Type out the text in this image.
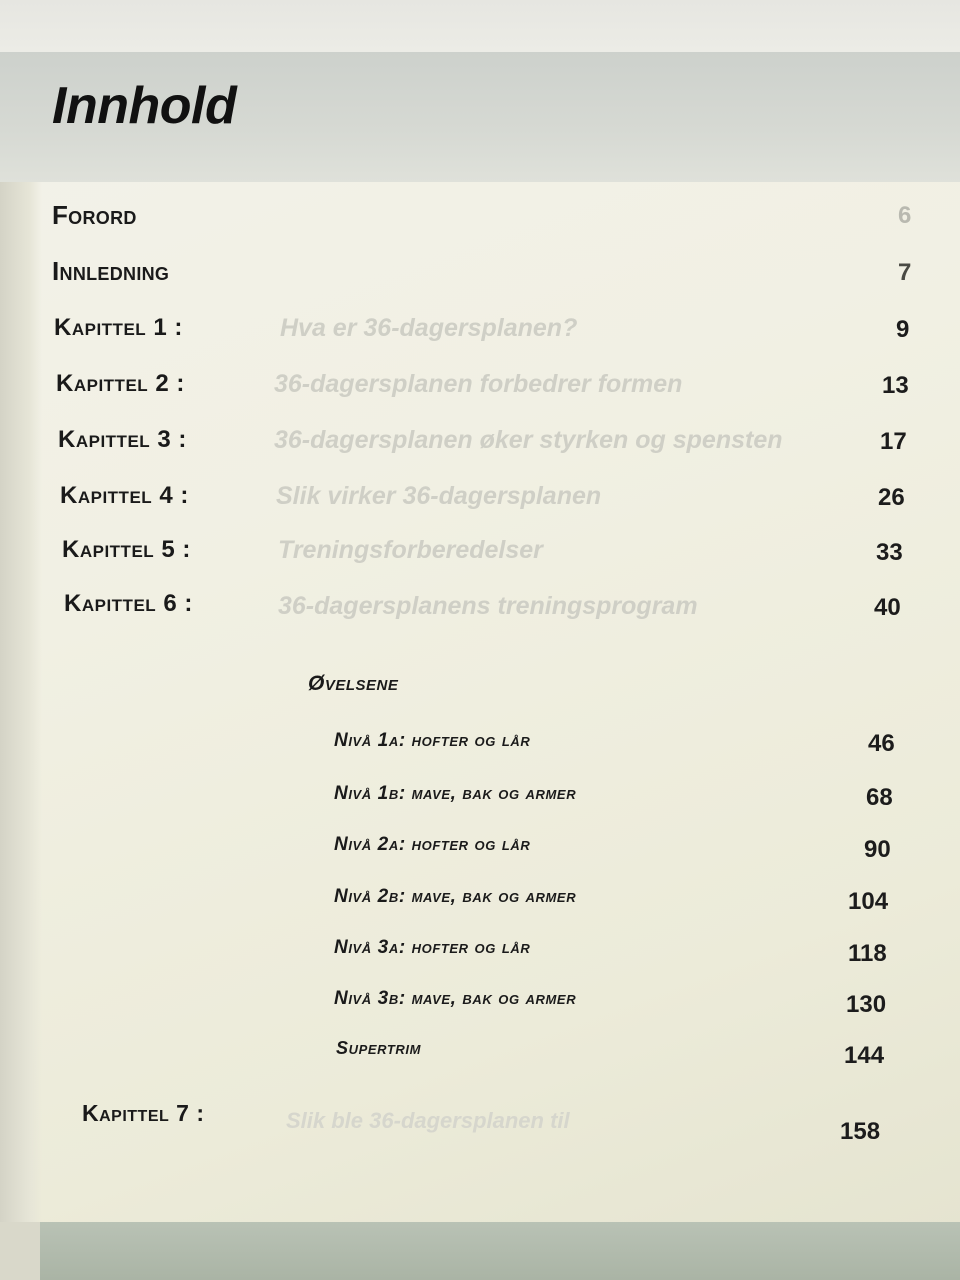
Innhold
Forord	6
Innledning	7
Kapittel 1 :	Hva er 36-dagersplanen?	9
Kapittel 2 :	36-dagersplanen forbedrer formen	13
Kapittel 3 :	36-dagersplanen øker styrken og spensten	17
Kapittel 4 :	Slik virker 36-dagersplanen	26
Kapittel 5 :	Treningsforberedelser	33
Kapittel 6 :	36-dagersplanens treningsprogram	40
Øvelsene
Nivå 1a: hofter og lår	46
Nivå 1b: mave, bak og armer	68
Nivå 2a: hofter og lår	90
Nivå 2b: mave, bak og armer	104
Nivå 3a: hofter og lår	118
Nivå 3b: mave, bak og armer	130
Supertrim	144
Kapittel 7 :	Slik ble 36-dagersplanen til	158
